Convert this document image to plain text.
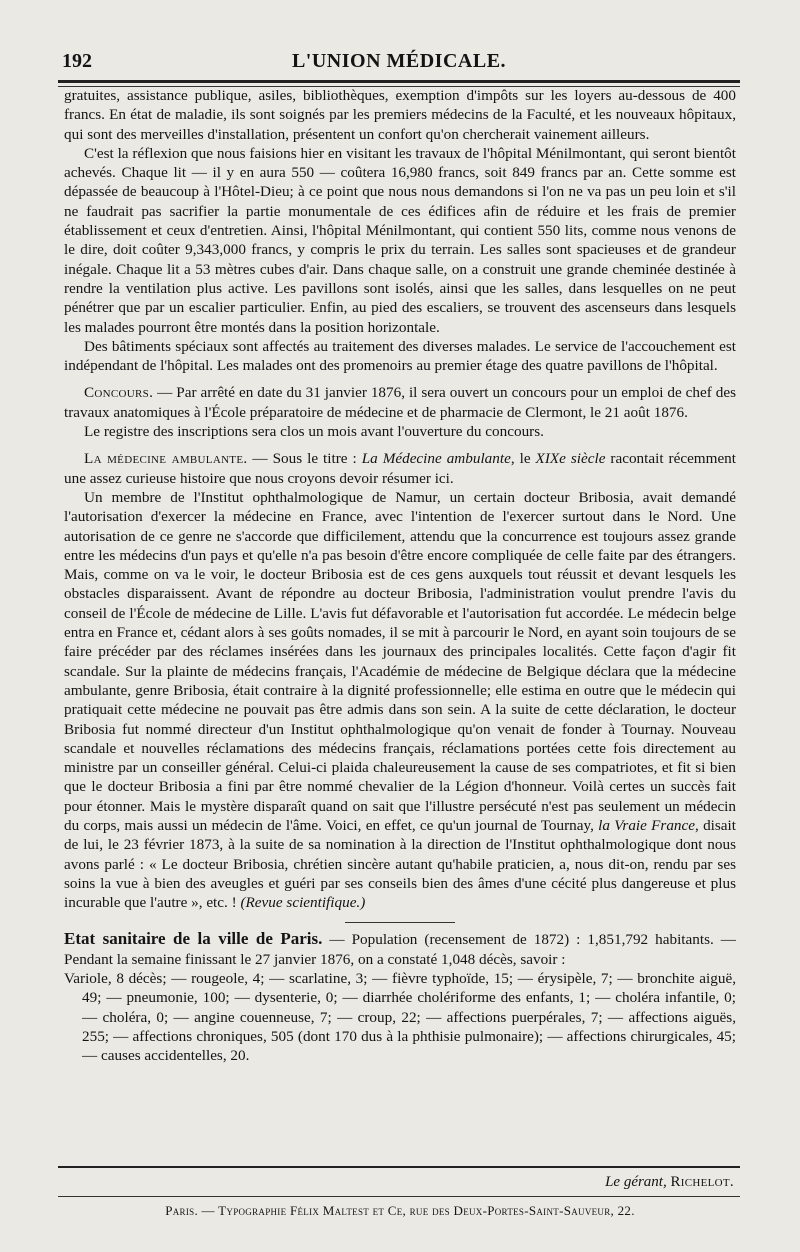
192	L'UNION MÉDICALE.

gratuites, assistance publique, asiles, bibliothèques, exemption d'impôts sur les loyers au-dessous de 400 francs. En état de maladie, ils sont soignés par les premiers médecins de la Faculté, et les nouveaux hôpitaux, qui sont des merveilles d'installation, présentent un confort qu'on chercherait vainement ailleurs.

C'est la réflexion que nous faisions hier en visitant les travaux de l'hôpital Ménilmontant, qui seront bientôt achevés. Chaque lit — il y en aura 550 — coûtera 16,980 francs, soit 849 francs par an. Cette somme est dépassée de beaucoup à l'Hôtel-Dieu; à ce point que nous nous demandons si l'on ne va pas un peu loin et s'il ne faudrait pas sacrifier la partie monumentale de ces édifices afin de réduire et les frais de premier établissement et ceux d'entretien. Ainsi, l'hôpital Ménilmontant, qui contient 550 lits, comme nous venons de le dire, doit coûter 9,343,000 francs, y compris le prix du terrain. Les salles sont spacieuses et de grandeur inégale. Chaque lit a 53 mètres cubes d'air. Dans chaque salle, on a construit une grande cheminée destinée à rendre la ventilation plus active. Les pavillons sont isolés, ainsi que les salles, dans lesquelles on ne peut pénétrer que par un escalier particulier. Enfin, au pied des escaliers, se trouvent des ascenseurs dans lesquels les malades pourront être montés dans la position horizontale.

Des bâtiments spéciaux sont affectés au traitement des diverses malades. Le service de l'accouchement est indépendant de l'hôpital. Les malades ont des promenoirs au premier étage des quatre pavillons de l'hôpital.

Concours. — Par arrêté en date du 31 janvier 1876, il sera ouvert un concours pour un emploi de chef des travaux anatomiques à l'École préparatoire de médecine et de pharmacie de Clermont, le 21 août 1876.

Le registre des inscriptions sera clos un mois avant l'ouverture du concours.

La médecine ambulante. — Sous le titre : La Médecine ambulante, le XIXe siècle racontait récemment une assez curieuse histoire que nous croyons devoir résumer ici.

Un membre de l'Institut ophthalmologique de Namur, un certain docteur Bribosia, avait demandé l'autorisation d'exercer la médecine en France, avec l'intention de l'exercer surtout dans le Nord. Une autorisation de ce genre ne s'accorde que difficilement, attendu que la concurrence est toujours assez grande entre les médecins d'un pays et qu'elle n'a pas besoin d'être encore compliquée de celle faite par des étrangers. Mais, comme on va le voir, le docteur Bribosia est de ces gens auxquels tout réussit et devant lesquels les obstacles disparaissent. Avant de répondre au docteur Bribosia, l'administration voulut prendre l'avis du conseil de l'École de médecine de Lille. L'avis fut défavorable et l'autorisation fut accordée. Le médecin belge entra en France et, cédant alors à ses goûts nomades, il se mit à parcourir le Nord, en ayant soin toujours de se faire précéder par des réclames insérées dans les journaux des principales localités. Cette façon d'agir fit scandale. Sur la plainte de médecins français, l'Académie de médecine de Belgique déclara que la médecine ambulante, genre Bribosia, était contraire à la dignité professionnelle; elle estima en outre que le médecin qui pratiquait cette médecine ne pouvait pas être admis dans son sein. A la suite de cette déclaration, le docteur Bribosia fut nommé directeur d'un Institut ophthalmologique qu'on venait de fonder à Tournay. Nouveau scandale et nouvelles réclamations des médecins français, réclamations portées cette fois directement au ministre par un conseiller général. Celui-ci plaida chaleureusement la cause de ses compatriotes, et fit si bien que le docteur Bribosia a fini par être nommé chevalier de la Légion d'honneur. Voilà certes un succès fait pour étonner. Mais le mystère disparaît quand on sait que l'illustre persécuté n'est pas seulement un médecin du corps, mais aussi un médecin de l'âme. Voici, en effet, ce qu'un journal de Tournay, la Vraie France, disait de lui, le 23 février 1873, à la suite de sa nomination à la direction de l'Institut ophthalmologique dont nous avons parlé : « Le docteur Bribosia, chrétien sincère autant qu'habile praticien, a, nous dit-on, rendu par ses soins la vue à bien des aveugles et guéri par ses conseils bien des âmes d'une cécité plus dangereuse et plus incurable que l'autre », etc. ! (Revue scientifique.)

Etat sanitaire de la ville de Paris. — Population (recensement de 1872) : 1,851,792 habitants. — Pendant la semaine finissant le 27 janvier 1876, on a constaté 1,048 décès, savoir :

Variole, 8 décès; — rougeole, 4; — scarlatine, 3; — fièvre typhoïde, 15; — érysipèle, 7; — bronchite aiguë, 49; — pneumonie, 100; — dysenterie, 0; — diarrhée cholériforme des enfants, 1; — choléra infantile, 0; — choléra, 0; — angine couenneuse, 7; — croup, 22; — affections puerpérales, 7; — affections aiguës, 255; — affections chroniques, 505 (dont 170 dus à la phthisie pulmonaire); — affections chirurgicales, 45; — causes accidentelles, 20.

Le gérant, Richelot.
Paris. — Typographie Félix Maltest et Ce, rue des Deux-Portes-Saint-Sauveur, 22.
